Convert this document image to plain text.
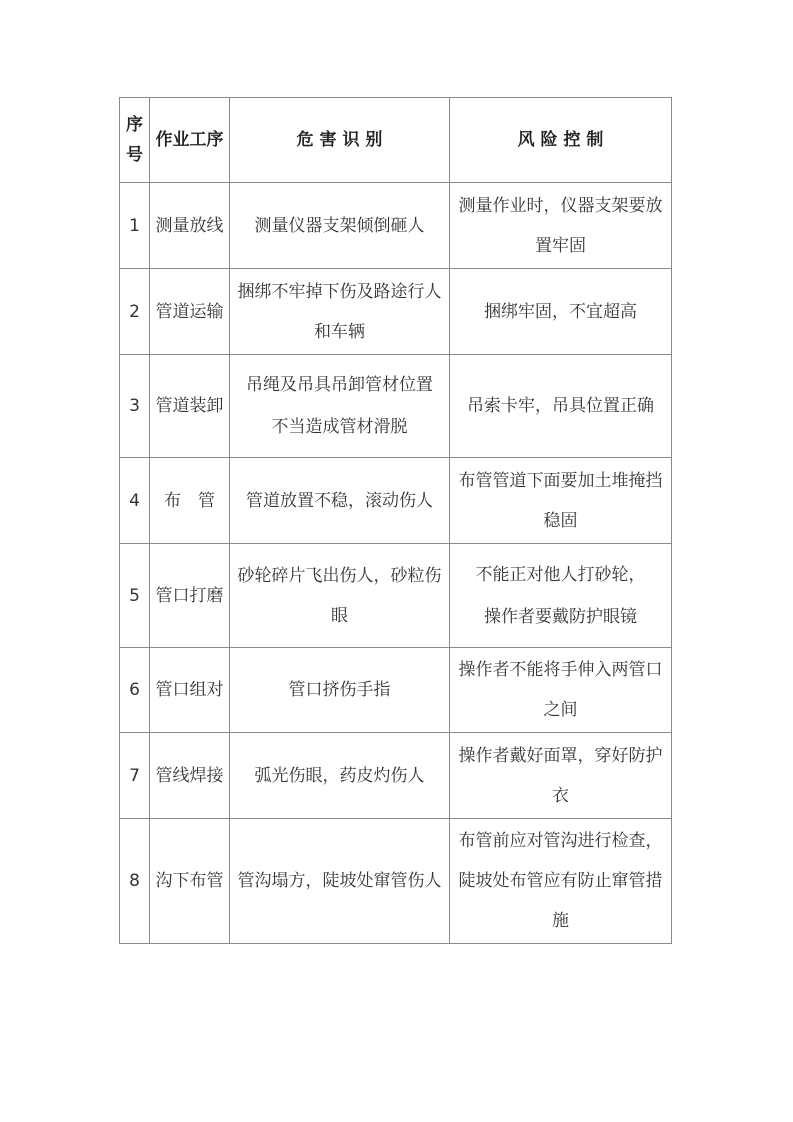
序
号	作业工序	危 害 识 别	风 险 控 制

1	测量放线	测量仪器支架倾倒砸人	测量作业时，仪器支架要放
置牢固

2	管道运输	捆绑不牢掉下伤及路途行人
和车辆	捆绑牢固，不宜超高

3	管道装卸	吊绳及吊具吊卸管材位置
不当造成管材滑脱	吊索卡牢，吊具位置正确

4	布　管	管道放置不稳，滚动伤人	布管管道下面要加土堆掩挡
稳固

5	管口打磨	砂轮碎片飞出伤人，砂粒伤
眼	不能正对他人打砂轮，
操作者要戴防护眼镜

6	管口组对	管口挤伤手指	操作者不能将手伸入两管口
之间

7	管线焊接	弧光伤眼，药皮灼伤人	操作者戴好面罩，穿好防护
衣

8	沟下布管	管沟塌方，陡坡处窜管伤人	布管前应对管沟进行检查，
陡坡处布管应有防止窜管措
施
